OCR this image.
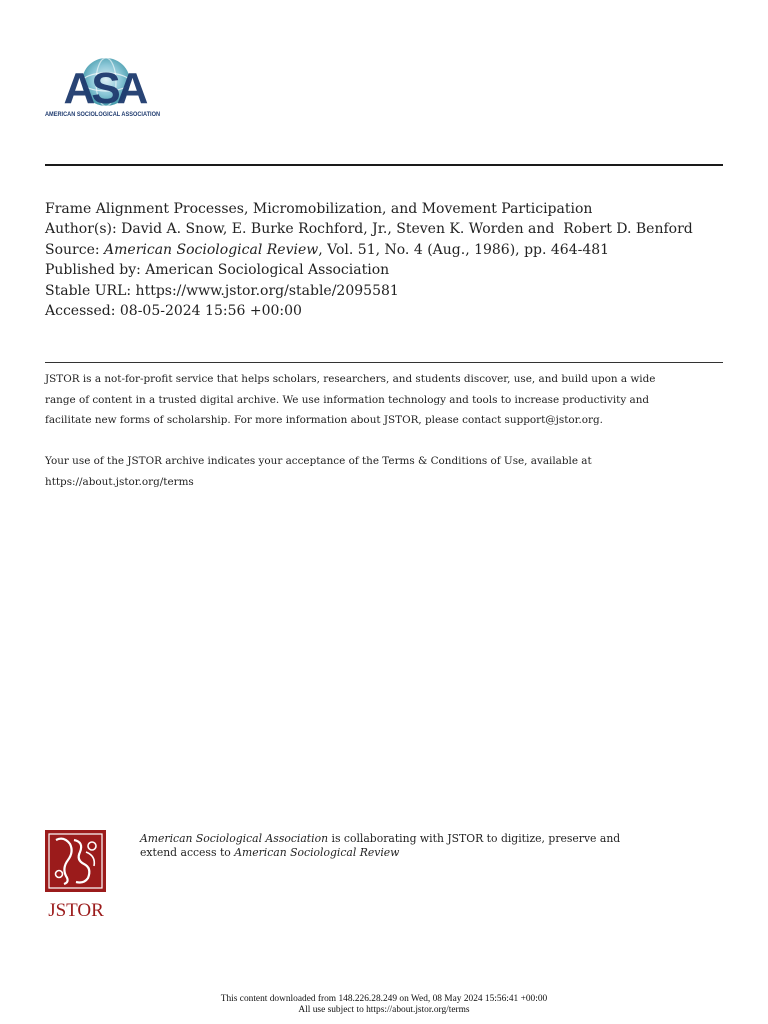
ASA
AMERICAN SOCIOLOGICAL ASSOCIATION
Frame Alignment Processes, Micromobilization, and Movement Participation
Author(s): David A. Snow, E. Burke Rochford, Jr., Steven K. Worden and  Robert D. Benford
Source: American Sociological Review, Vol. 51, No. 4 (Aug., 1986), pp. 464-481
Published by: American Sociological Association
Stable URL: https://www.jstor.org/stable/2095581
Accessed: 08-05-2024 15:56 +00:00
JSTOR is a not-for-profit service that helps scholars, researchers, and students discover, use, and build upon a wide
range of content in a trusted digital archive. We use information technology and tools to increase productivity and
facilitate new forms of scholarship. For more information about JSTOR, please contact support@jstor.org.
Your use of the JSTOR archive indicates your acceptance of the Terms & Conditions of Use, available at
https://about.jstor.org/terms
JSTOR
American Sociological Association is collaborating with JSTOR to digitize, preserve and
extend access to American Sociological Review
This content downloaded from 148.226.28.249 on Wed, 08 May 2024 15:56:41 +00:00
All use subject to https://about.jstor.org/terms
